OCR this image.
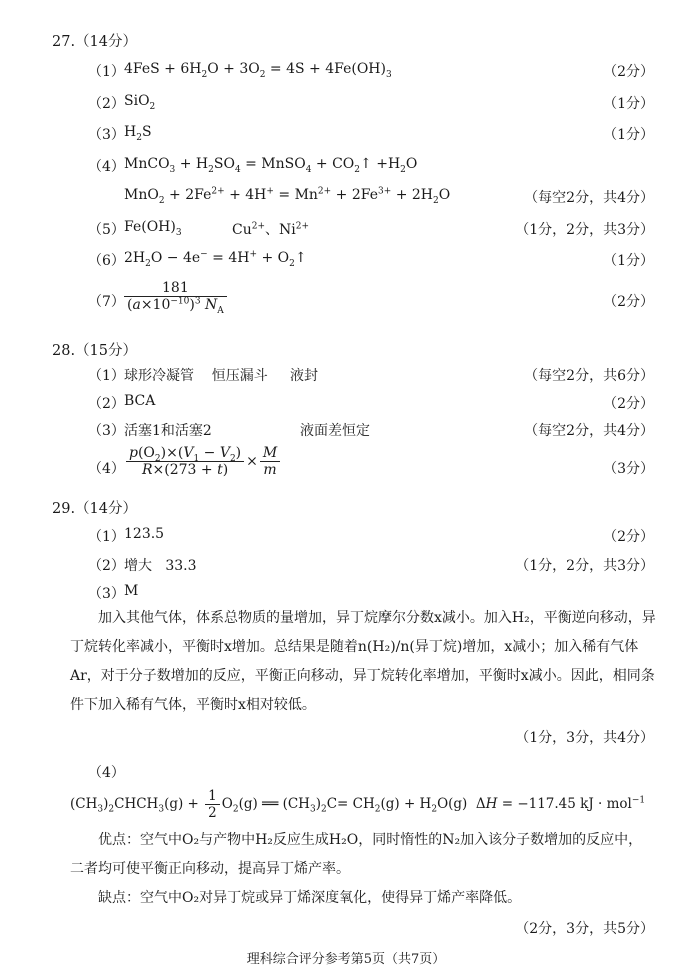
27.（14分）
（1） $4FeS + 6H_2O + 3O_2 = 4S + 4Fe(OH)_3$	（2分）
（2） SiO$_2$	（1分）
（3） $H_2S$	（1分）
（4） MnCO$_3$ + $H_2SO_4$ = MnSO$_4$ + $CO_2↑ +H_2O$
$MnO_2 + 2Fe^{2+} + 4H^+ = Mn^{2+} + 2Fe^{3+} + 2H_2O$	（每空2分，共4分）
（5） $Fe(OH)_3$	$Cu^{2+}$、$Ni^{2+}$	（1分，2分，共3分）
（6） $2H_2O - 4e^- = 4H^+$ + $O_2↑$	（1分）
$(7) \frac{181}{(a\times 10^{-10})^3 N_A}$	（2分）
28.（15分）
（1） 球形冷凝管    恒压漏斗     液封	（每空2分，共6分）
（2） BCA	（2分）
（3） 活塞1和活塞2	液面差恒定	（每空2分，共4分）
$(4) \frac{p(O_2)\times(V_1 - V_2)}{R\times(273 + t)} \times \frac{M}{m}$	（3分）
29.（14分）
（1） 123.5	（2分）
（2） 增大   33.3	（1分，2分，共3分）
（3） M
加入其他气体，体系总物质的量增加，异丁烷摩尔分数x减小。加入H₂，平衡逆向移动，异丁烷转化率减小，平衡时x增加。总结果是随着n(H₂)/n(异丁烷)增加，x减小；加入稀有气体Ar，对于分子数增加的反应，平衡正向移动，异丁烷转化率增加，平衡时x减小。因此，相同条件下加入稀有气体，平衡时x相对较低。
（1分，3分，共4分）
（4）
$(CH_3)_2CHCH_3(g) + \frac{1}{2} O_2(g)$ ══ $(CH_3)_2C= CH_2(g) + H_2O(g) \Delta H = -117.45$ kJ · mol$^{-1}$
优点：空气中O₂与产物中H₂反应生成H₂O，同时惰性的N₂加入该分子数增加的反应中，二者均可使平衡正向移动，提高异丁烯产率。
缺点：空气中O₂对异丁烷或异丁烯深度氧化，使得异丁烯产率降低。
（2分，3分，共5分）
理科综合评分参考第5页（共7页）
